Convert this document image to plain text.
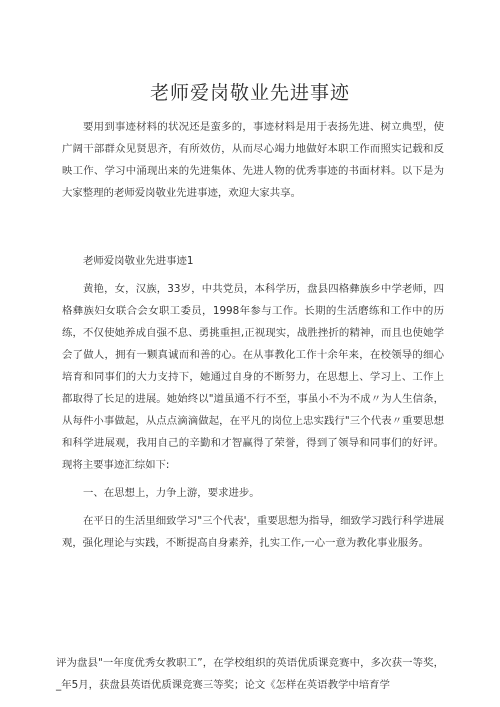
老师爱岗敬业先进事迹

要用到事迹材料的状况还是蛮多的，事迹材料是用于表扬先进、树立典型，使广阔干部群众见贤思齐，有所效仿，从而尽心竭力地做好本职工作而照实记载和反映工作、学习中涌现出来的先进集体、先进人物的优秀事迹的书面材料。以下是为大家整理的老师爱岗敬业先进事迹，欢迎大家共享。

老师爱岗敬业先进事迹1

黄艳，女，汉族，33岁，中共党员，本科学历，盘县四格彝族乡中学老师，四格彝族妇女联合会女职工委员，1998年参与工作。长期的生活磨练和工作中的历练，不仅使她养成自强不息、勇挑重担,正视现实，战胜挫折的精神，而且也使她学会了做人，拥有一颗真诚而和善的心。在从事教化工作十余年来，在校领导的细心培育和同事们的大力支持下，她通过自身的不断努力，在思想上、学习上、工作上都取得了长足的进展。她始终以"道虽通不行不至，事虽小不为不成〃为人生信条，从每件小事做起，从点点滴滴做起，在平凡的岗位上忠实践行"三个代表〃重要思想和科学进展观，我用自己的辛勤和才智赢得了荣誉，得到了领导和同事们的好评。现将主要事迹汇综如下:

一、在思想上，力争上游，要求进步。

在平日的生活里细致学习"三个代表'，重要思想为指导，细致学习践行科学进展观，强化理论与实践，不断提高自身素养，扎实工作,一心一意为教化事业服务。

评为盘县"一年度优秀女教职工”，在学校组织的英语优质课竞赛中，多次获一等奖，_年5月，获盘县英语优质课竞赛三等奖；论文《怎样在英语教学中培育学
